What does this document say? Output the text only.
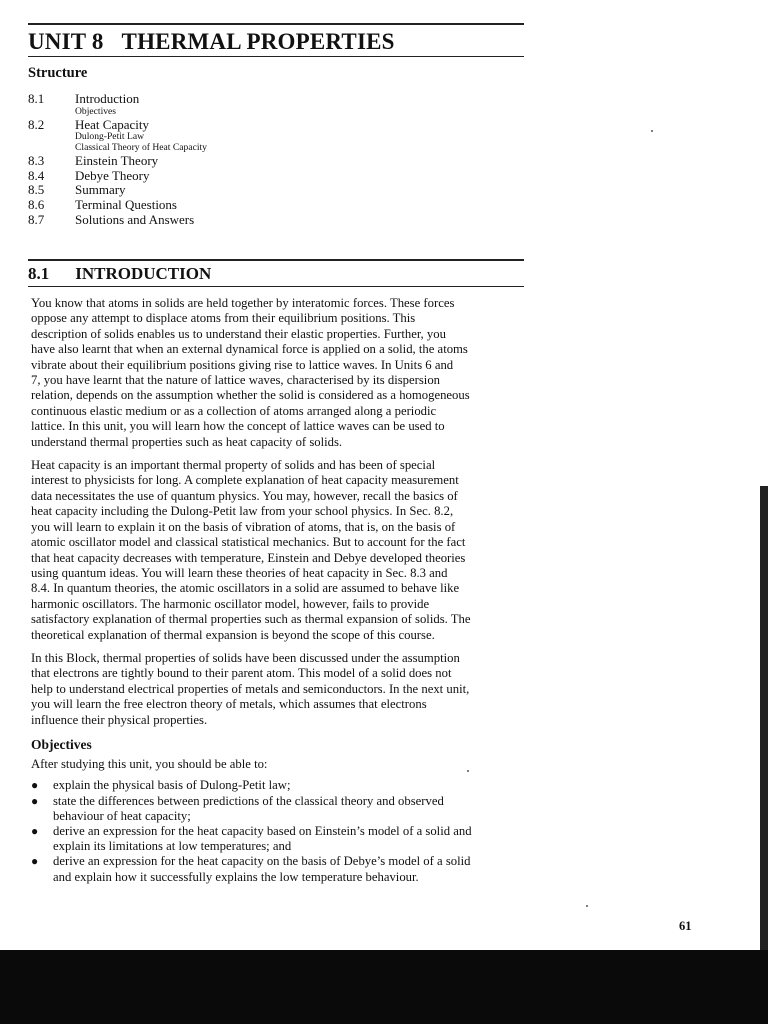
UNIT 8 THERMAL PROPERTIES
Structure
8.1	Introduction
Objectives
8.2	Heat Capacity
Dulong-Petit Law
Classical Theory of Heat Capacity
8.3	Einstein Theory
8.4	Debye Theory
8.5	Summary
8.6	Terminal Questions
8.7	Solutions and Answers
8.1 INTRODUCTION

You know that atoms in solids are held together by interatomic forces. These forces
oppose any attempt to displace atoms from their equilibrium positions. This
description of solids enables us to understand their elastic properties. Further, you
have also learnt that when an external dynamical force is applied on a solid, the atoms
vibrate about their equilibrium positions giving rise to lattice waves. In Units 6 and
7, you have learnt that the nature of lattice waves, characterised by its dispersion
relation, depends on the assumption whether the solid is considered as a homogeneous
continuous elastic medium or as a collection of atoms arranged along a periodic
lattice. In this unit, you will learn how the concept of lattice waves can be used to
understand thermal properties such as heat capacity of solids.

Heat capacity is an important thermal property of solids and has been of special
interest to physicists for long. A complete explanation of heat capacity measurement
data necessitates the use of quantum physics. You may, however, recall the basics of
heat capacity including the Dulong-Petit law from your school physics. In Sec. 8.2,
you will learn to explain it on the basis of vibration of atoms, that is, on the basis of
atomic oscillator model and classical statistical mechanics. But to account for the fact
that heat capacity decreases with temperature, Einstein and Debye developed theories
using quantum ideas. You will learn these theories of heat capacity in Sec. 8.3 and
8.4. In quantum theories, the atomic oscillators in a solid are assumed to behave like
harmonic oscillators. The harmonic oscillator model, however, fails to provide
satisfactory explanation of thermal properties such as thermal expansion of solids. The
theoretical explanation of thermal expansion is beyond the scope of this course.

In this Block, thermal properties of solids have been discussed under the assumption
that electrons are tightly bound to their parent atom. This model of a solid does not
help to understand electrical properties of metals and semiconductors. In the next unit,
you will learn the free electron theory of metals, which assumes that electrons
influence their physical properties.

Objectives

After studying this unit, you should be able to:

●	explain the physical basis of Dulong-Petit law;
●	state the differences between predictions of the classical theory and observed
behaviour of heat capacity;
●	derive an expression for the heat capacity based on Einstein’s model of a solid and
explain its limitations at low temperatures; and
●	derive an expression for the heat capacity on the basis of Debye’s model of a solid
and explain how it successfully explains the low temperature behaviour.
61
